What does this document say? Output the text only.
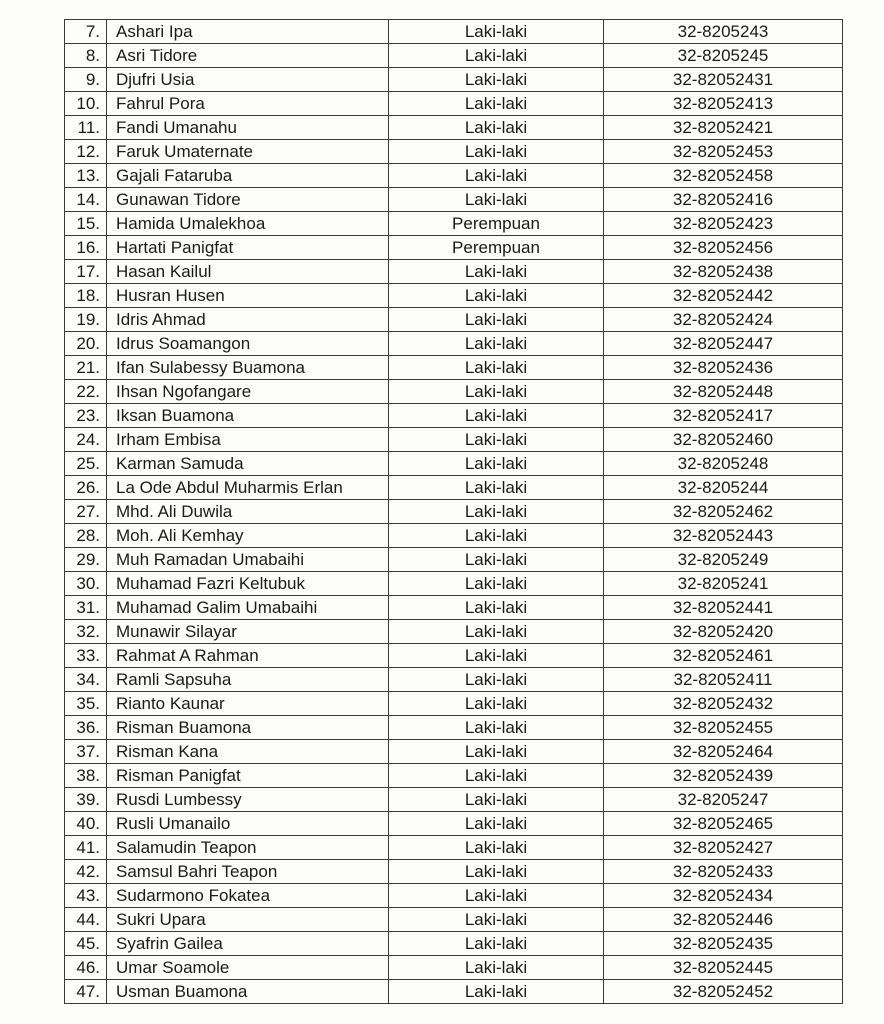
7.	Ashari Ipa	Laki-laki	32-8205243
8.	Asri Tidore	Laki-laki	32-8205245
9.	Djufri Usia	Laki-laki	32-82052431
10.	Fahrul Pora	Laki-laki	32-82052413
11.	Fandi Umanahu	Laki-laki	32-82052421
12.	Faruk Umaternate	Laki-laki	32-82052453
13.	Gajali Fataruba	Laki-laki	32-82052458
14.	Gunawan Tidore	Laki-laki	32-82052416
15.	Hamida Umalekhoa	Perempuan	32-82052423
16.	Hartati Panigfat	Perempuan	32-82052456
17.	Hasan Kailul	Laki-laki	32-82052438
18.	Husran Husen	Laki-laki	32-82052442
19.	Idris Ahmad	Laki-laki	32-82052424
20.	Idrus Soamangon	Laki-laki	32-82052447
21.	Ifan Sulabessy Buamona	Laki-laki	32-82052436
22.	Ihsan Ngofangare	Laki-laki	32-82052448
23.	Iksan Buamona	Laki-laki	32-82052417
24.	Irham Embisa	Laki-laki	32-82052460
25.	Karman Samuda	Laki-laki	32-8205248
26.	La Ode Abdul Muharmis Erlan	Laki-laki	32-8205244
27.	Mhd. Ali Duwila	Laki-laki	32-82052462
28.	Moh. Ali Kemhay	Laki-laki	32-82052443
29.	Muh Ramadan Umabaihi	Laki-laki	32-8205249
30.	Muhamad Fazri Keltubuk	Laki-laki	32-8205241
31.	Muhamad Galim Umabaihi	Laki-laki	32-82052441
32.	Munawir Silayar	Laki-laki	32-82052420
33.	Rahmat A Rahman	Laki-laki	32-82052461
34.	Ramli Sapsuha	Laki-laki	32-82052411
35.	Rianto Kaunar	Laki-laki	32-82052432
36.	Risman Buamona	Laki-laki	32-82052455
37.	Risman Kana	Laki-laki	32-82052464
38.	Risman Panigfat	Laki-laki	32-82052439
39.	Rusdi Lumbessy	Laki-laki	32-8205247
40.	Rusli Umanailo	Laki-laki	32-82052465
41.	Salamudin Teapon	Laki-laki	32-82052427
42.	Samsul Bahri Teapon	Laki-laki	32-82052433
43.	Sudarmono Fokatea	Laki-laki	32-82052434
44.	Sukri Upara	Laki-laki	32-82052446
45.	Syafrin Gailea	Laki-laki	32-82052435
46.	Umar Soamole	Laki-laki	32-82052445
47.	Usman Buamona	Laki-laki	32-82052452
